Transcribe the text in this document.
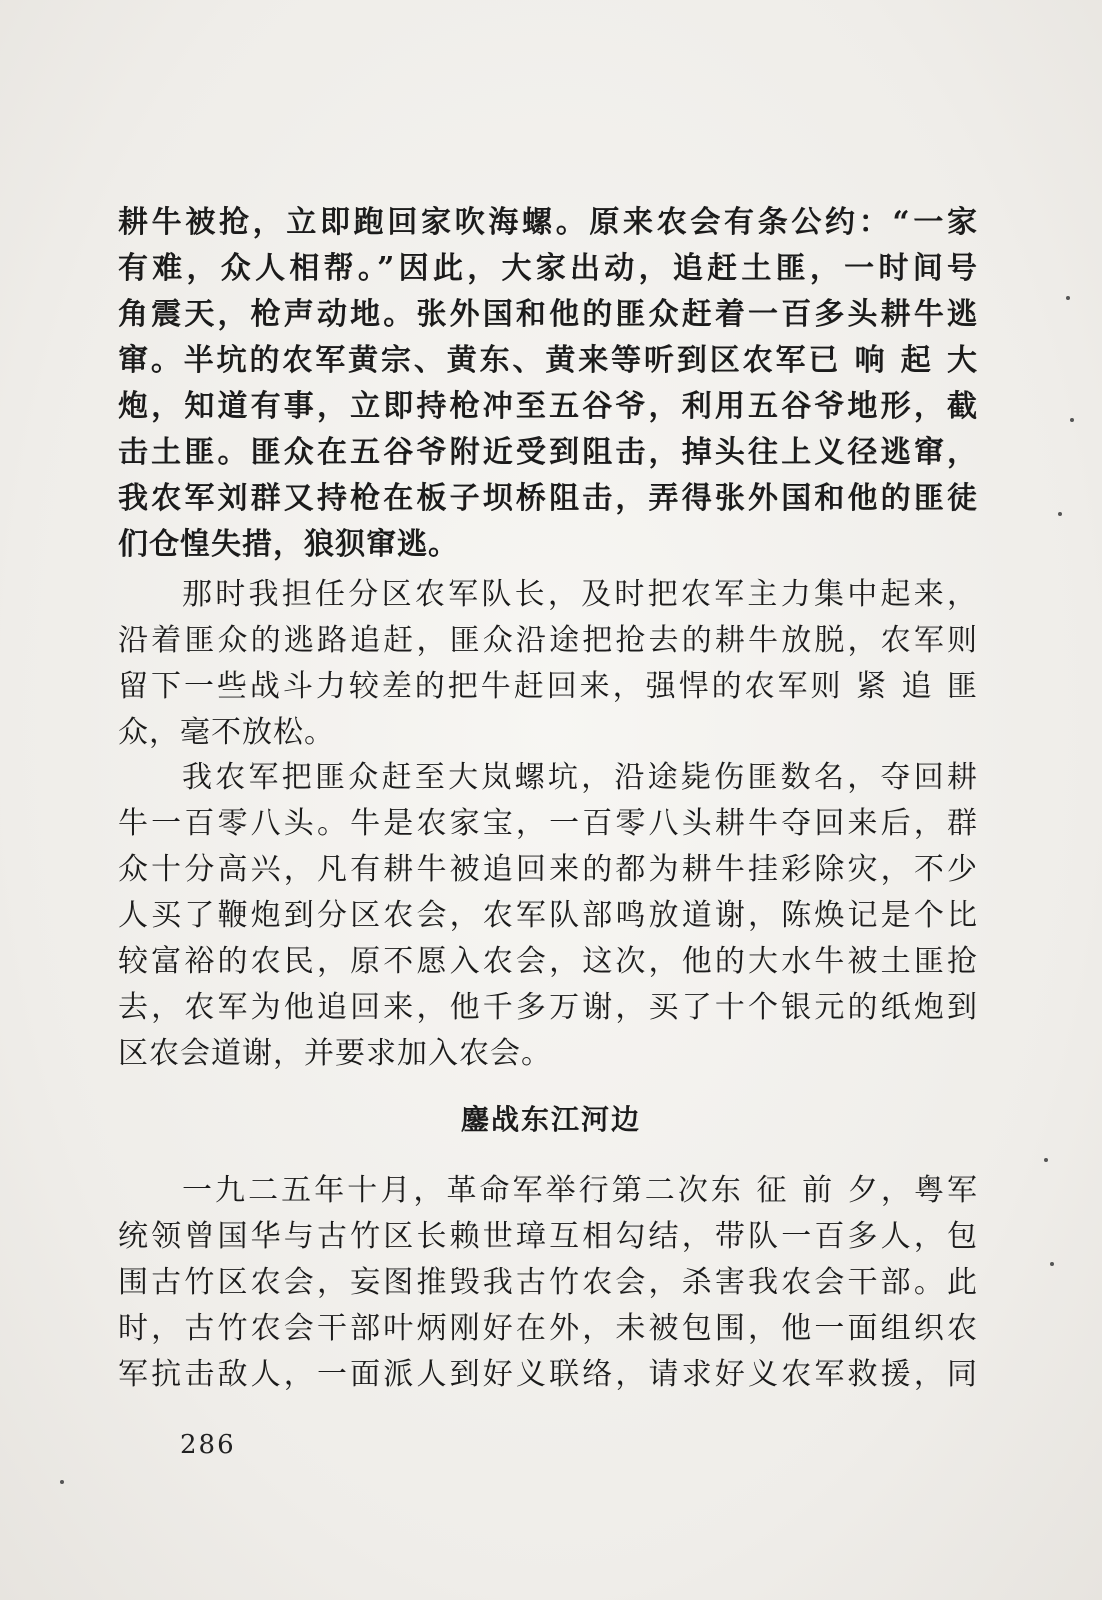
耕牛被抢，立即跑回家吹海螺。原来农会有条公约：“一家
有难，众人相帮。”因此，大家出动，追赶土匪，一时间号
角震天，枪声动地。张外国和他的匪众赶着一百多头耕牛逃
窜。半坑的农军黄宗、黄东、黄来等听到区农军已 响 起 大
炮，知道有事，立即持枪冲至五谷爷，利用五谷爷地形，截
击土匪。匪众在五谷爷附近受到阻击，掉头往上义径逃窜，
我农军刘群又持枪在板子坝桥阻击，弄得张外国和他的匪徒
们仓惶失措，狼狈窜逃。
那时我担任分区农军队长，及时把农军主力集中起来，
沿着匪众的逃路追赶，匪众沿途把抢去的耕牛放脱，农军则
留下一些战斗力较差的把牛赶回来，强悍的农军则 紧 追 匪
众，毫不放松。
我农军把匪众赶至大岚螺坑，沿途毙伤匪数名，夺回耕
牛一百零八头。牛是农家宝，一百零八头耕牛夺回来后，群
众十分高兴，凡有耕牛被追回来的都为耕牛挂彩除灾，不少
人买了鞭炮到分区农会，农军队部鸣放道谢，陈焕记是个比
较富裕的农民，原不愿入农会，这次，他的大水牛被土匪抢
去，农军为他追回来，他千多万谢，买了十个银元的纸炮到
区农会道谢，并要求加入农会。
鏖战东江河边
一九二五年十月，革命军举行第二次东 征 前 夕，粤军
统领曾国华与古竹区长赖世璋互相勾结，带队一百多人，包
围古竹区农会，妄图推毁我古竹农会，杀害我农会干部。此
时，古竹农会干部叶炳刚好在外，未被包围，他一面组织农
军抗击敌人，一面派人到好义联络，请求好义农军救援，同
286
